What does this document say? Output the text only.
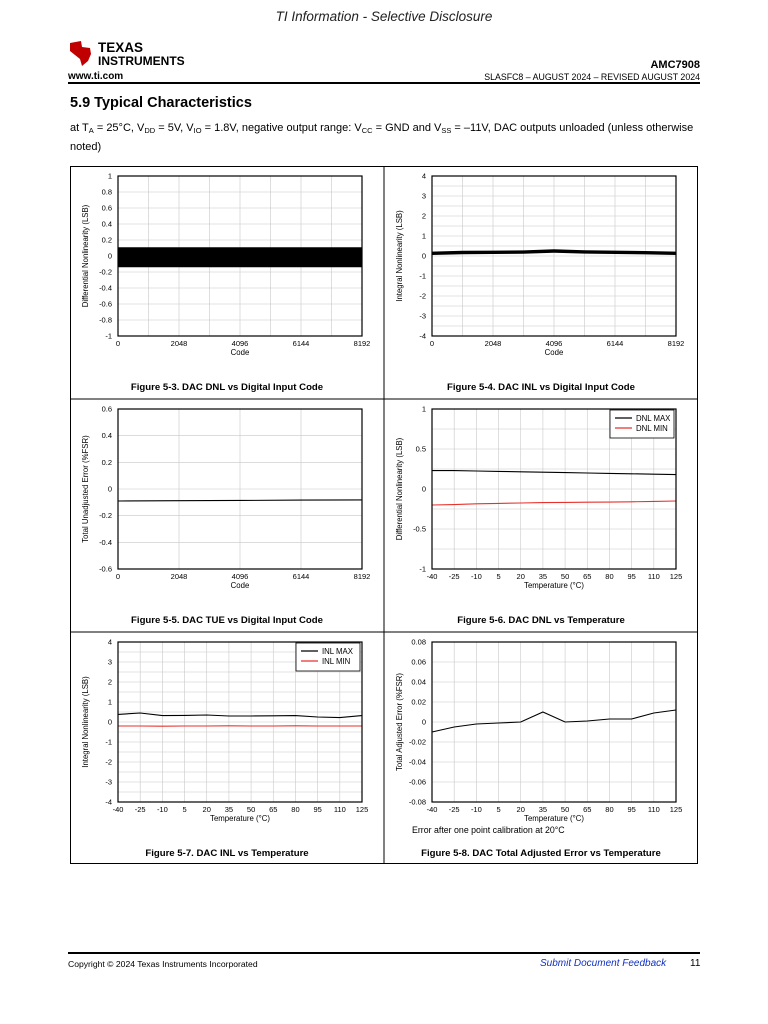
TI Information - Selective Disclosure
TEXAS
INSTRUMENTS
www.ti.com
AMC7908
SLASFC8 – AUGUST 2024 – REVISED AUGUST 2024
5.9 Typical Characteristics
at $T_A = 25^\circ C$, $V_{DD} = 5V$, $V_{IO} = 1.8V$, negative output range: $V_{CC}$ = GND and $V_{SS} = -11V$, DAC outputs unloaded (unless otherwise noted)
-1
-0.8
-0.6
-0.4
-0.2
0
0.2
0.4
0.6
0.8
1
0	2048	4096	6144	8192
Code
Differential Nonlinearity (LSB)
Figure 5-3. DAC DNL vs Digital Input Code
-4
-3
-2
-1
0
1
2
3
4
0	2048	4096	6144	8192
Code
Integral Nonlinearity (LSB)
Figure 5-4. DAC INL vs Digital Input Code
-0.6
-0.4
-0.2
0
0.2
0.4
0.6
0	2048	4096	6144	8192
Code
Total Unadjusted Error (%FSR)
Figure 5-5. DAC TUE vs Digital Input Code
-1
-0.5
0
0.5
1
-40 -25 -10 5 20 35 50 65 80 95 110 125
Temperature (°C)
Differential Nonlinearity (LSB)
DNL MAX
DNL MIN
Figure 5-6. DAC DNL vs Temperature
-4
-3
-2
-1
0
1
2
3
4
-40 -25 -10 5 20 35 50 65 80 95 110 125
Temperature (°C)
Integral Nonlinearity (LSB)
INL MAX
INL MIN
Figure 5-7. DAC INL vs Temperature
-0.08
-0.06
-0.04
-0.02
0
0.02
0.04
0.06
0.08
-40 -25 -10 5 20 35 50 65 80 95 110 125
Temperature (°C)
Total Adjusted Error (%FSR)
Error after one point calibration at 20°C
Figure 5-8. DAC Total Adjusted Error vs Temperature
Copyright © 2024 Texas Instruments Incorporated	Submit Document Feedback 11
